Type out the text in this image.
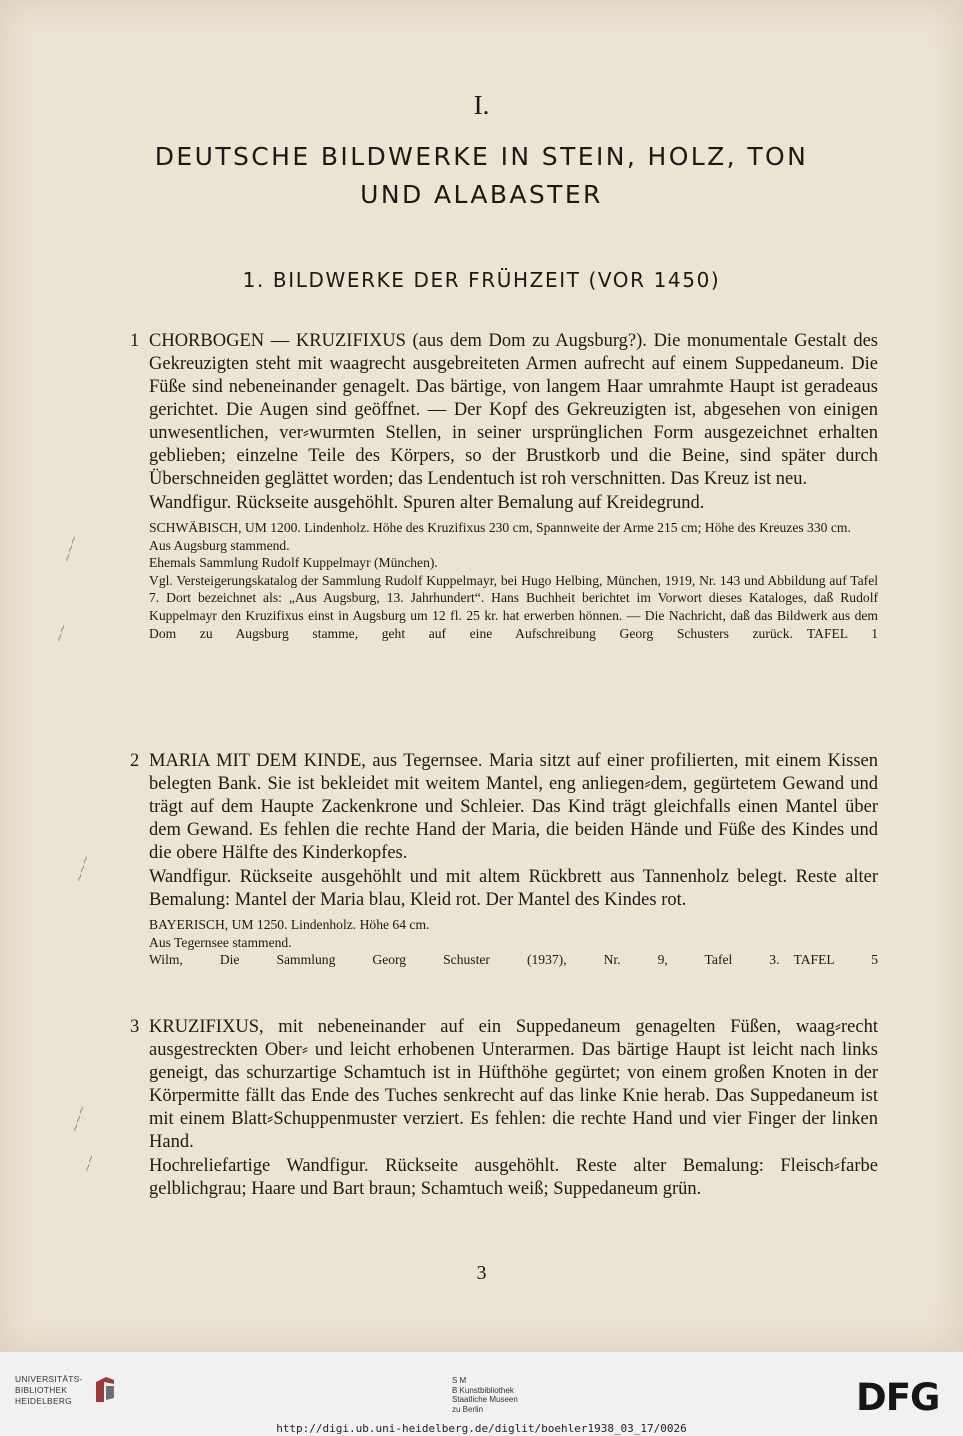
I.
DEUTSCHE BILDWERKE IN STEIN, HOLZ, TON
UND ALABASTER
1. BILDWERKE DER FRÜHZEIT (VOR 1450)
1 CHORBOGEN — KRUZIFIXUS (aus dem Dom zu Augsburg?). Die monumentale Gestalt des Gekreuzigten steht mit waagrecht ausgebreiteten Armen aufrecht auf einem Suppedaneum. Die Füße sind nebeneinander genagelt. Das bärtige, von langem Haar umrahmte Haupt ist geradeaus gerichtet. Die Augen sind geöffnet. — Der Kopf des Gekreuzigten ist, abgesehen von einigen unwesentlichen, ver⸗wurmten Stellen, in seiner ursprünglichen Form ausgezeichnet erhalten geblieben; einzelne Teile des Körpers, so der Brustkorb und die Beine, sind später durch Überschneiden geglättet worden; das Lendentuch ist roh verschnitten. Das Kreuz ist neu.

Wandfigur. Rückseite ausgehöhlt. Spuren alter Bemalung auf Kreidegrund.

SCHWÄBISCH, UM 1200. Lindenholz. Höhe des Kruzifixus 230 cm, Spannweite der Arme 215 cm; Höhe des Kreuzes 330 cm.

Aus Augsburg stammend.

Ehemals Sammlung Rudolf Kuppelmayr (München).

Vgl. Versteigerungskatalog der Sammlung Rudolf Kuppelmayr, bei Hugo Helbing, München, 1919, Nr. 143 und Abbildung auf Tafel 7. Dort bezeichnet als: „Aus Augsburg, 13. Jahrhundert“. Hans Buchheit berichtet im Vorwort dieses Kataloges, daß Rudolf Kuppelmayr den Kruzifixus einst in Augsburg um 12 fl. 25 kr. hat erwerben hönnen. — Die Nachricht, daß das Bildwerk aus dem Dom zu Augsburg stamme, geht auf eine Aufschreibung Georg Schusters zurück. TAFEL 1

2 MARIA MIT DEM KINDE, aus Tegernsee. Maria sitzt auf einer profilierten, mit einem Kissen belegten Bank. Sie ist bekleidet mit weitem Mantel, eng anliegen⸗dem, gegürtetem Gewand und trägt auf dem Haupte Zackenkrone und Schleier. Das Kind trägt gleichfalls einen Mantel über dem Gewand. Es fehlen die rechte Hand der Maria, die beiden Hände und Füße des Kindes und die obere Hälfte des Kinderkopfes.

Wandfigur. Rückseite ausgehöhlt und mit altem Rückbrett aus Tannenholz belegt. Reste alter Bemalung: Mantel der Maria blau, Kleid rot. Der Mantel des Kindes rot.

BAYERISCH, UM 1250. Lindenholz. Höhe 64 cm.

Aus Tegernsee stammend.

Wilm, Die Sammlung Georg Schuster (1937), Nr. 9, Tafel 3. TAFEL 5

3 KRUZIFIXUS, mit nebeneinander auf ein Suppedaneum genagelten Füßen, waag⸗recht ausgestreckten Ober⸗ und leicht erhobenen Unterarmen. Das bärtige Haupt ist leicht nach links geneigt, das schurzartige Schamtuch ist in Hüfthöhe gegürtet; von einem großen Knoten in der Körpermitte fällt das Ende des Tuches senkrecht auf das linke Knie herab. Das Suppedaneum ist mit einem Blatt⸗Schuppenmuster verziert. Es fehlen: die rechte Hand und vier Finger der linken Hand.

Hochreliefartige Wandfigur. Rückseite ausgehöhlt. Reste alter Bemalung: Fleisch⸗farbe gelblichgrau; Haare und Bart braun; Schamtuch weiß; Suppedaneum grün.

~~~
~~
~~~
~~~
~~
3
UNIVERSITÄTS-
BIBLIOTHEK
HEIDELBERG
S M
B Kunstbibliothek
Staatliche Museen
zu Berlin	DFG
http://digi.ub.uni-heidelberg.de/diglit/boehler1938_03_17/0026
